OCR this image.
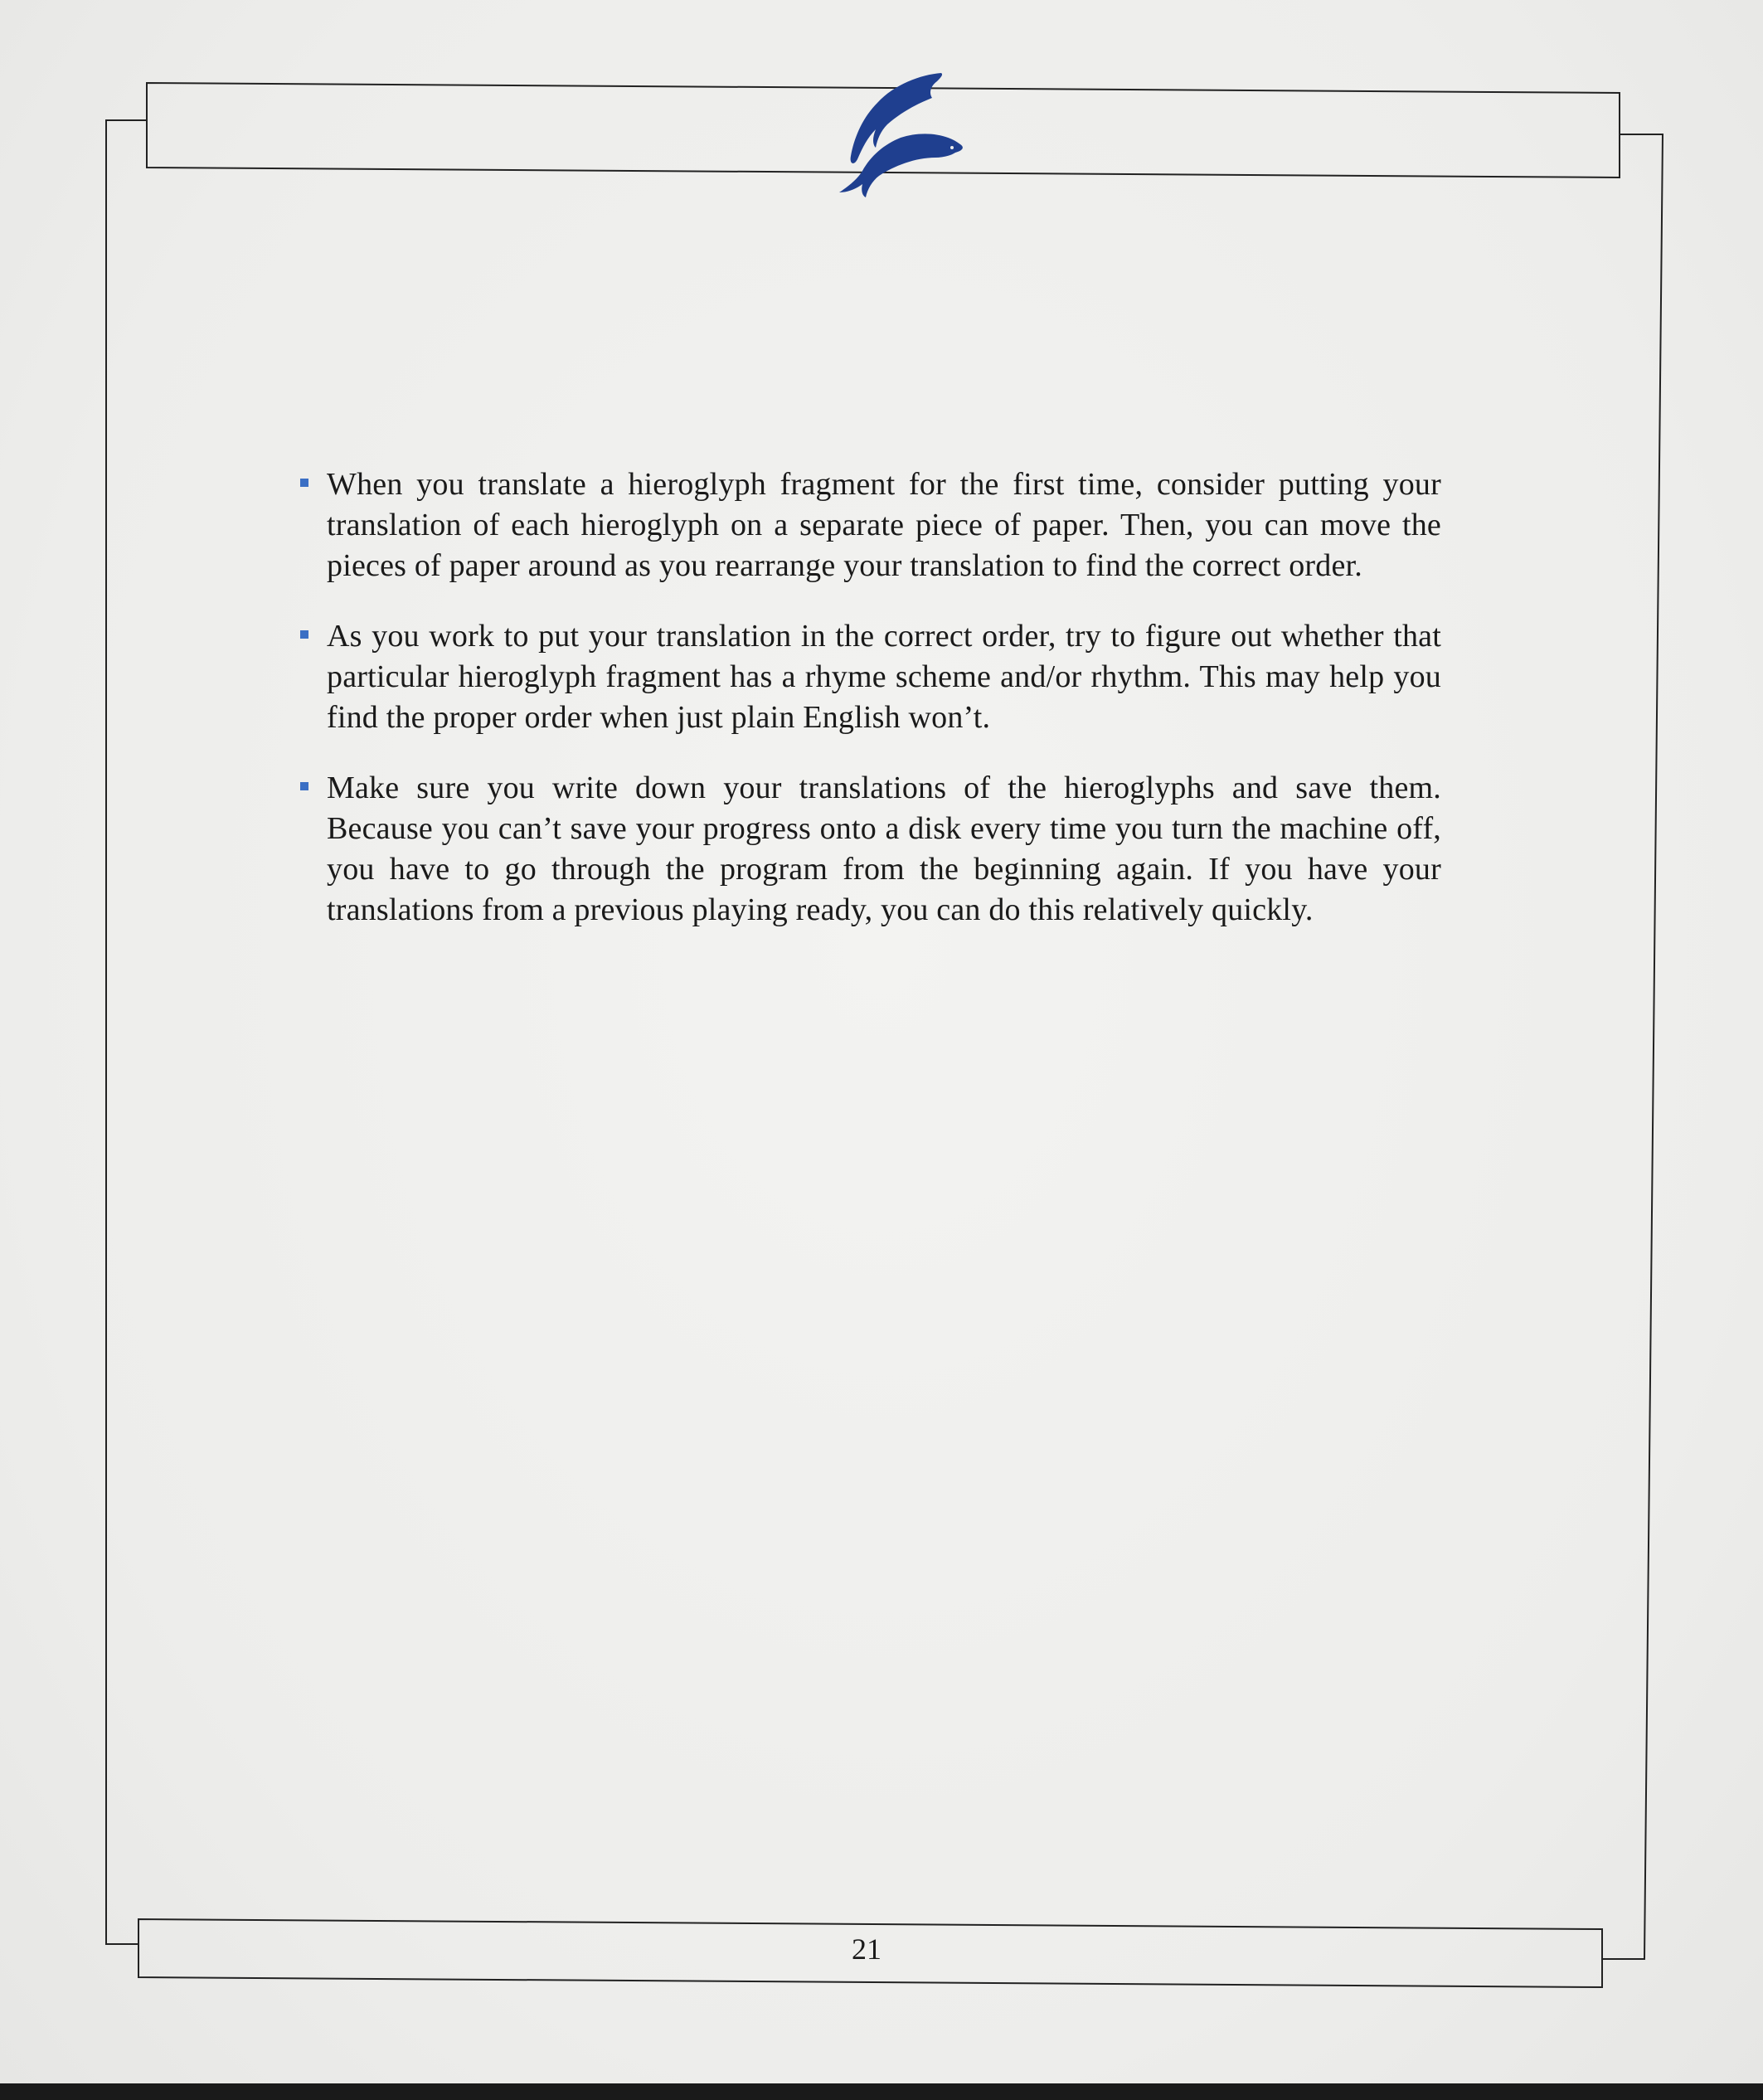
When you translate a hieroglyph fragment for the first time, consider putting your translation of each hieroglyph on a separate piece of paper. Then, you can move the pieces of paper around as you rearrange your translation to find the correct order.
As you work to put your translation in the correct order, try to figure out whether that particular hieroglyph fragment has a rhyme scheme and/or rhythm. This may help you find the proper order when just plain English won’t.
Make sure you write down your translations of the hieroglyphs and save them. Because you can’t save your progress onto a disk every time you turn the machine off, you have to go through the program from the beginning again. If you have your translations from a previous playing ready, you can do this relatively quickly.
21
